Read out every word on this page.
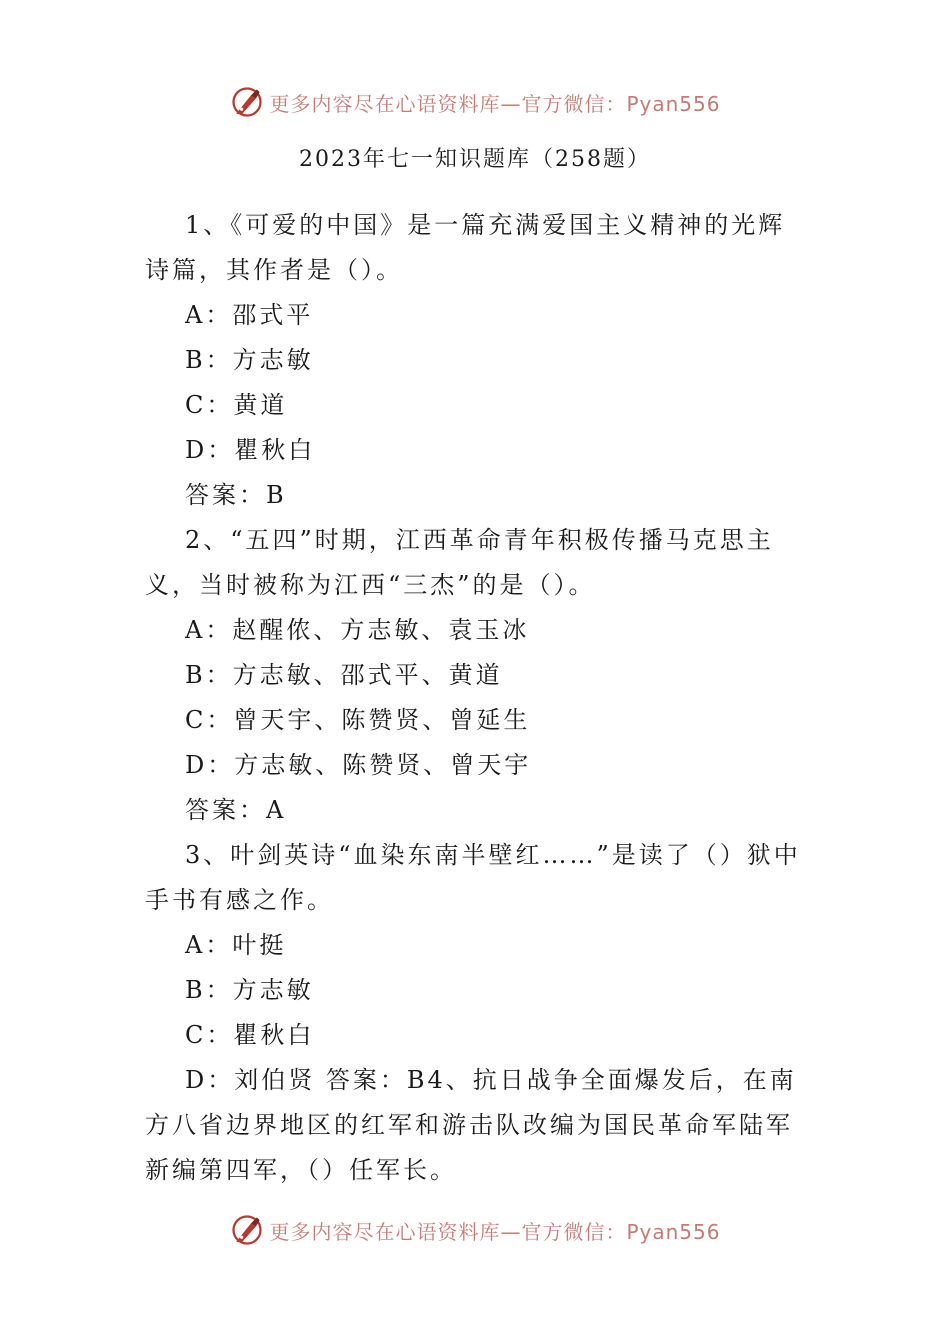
更多内容尽在心语资料库—官方微信：Pyan556
2023年七一知识题库（258题）

1、《可爱的中国》是一篇充满爱国主义精神的光辉诗篇，其作者是（）。

A：邵式平

B：方志敏

C：黄道

D：瞿秋白

答案：B

2、“五四”时期，江西革命青年积极传播马克思主义，当时被称为江西“三杰”的是（）。

A：赵醒侬、方志敏、袁玉冰

B：方志敏、邵式平、黄道

C：曾天宇、陈赞贤、曾延生

D：方志敏、陈赞贤、曾天宇

答案：A

3、叶剑英诗“血染东南半壁红……”是读了（）狱中手书有感之作。

A：叶挺

B：方志敏

C：瞿秋白

D：刘伯贤 答案：B4、抗日战争全面爆发后，在南方八省边界地区的红军和游击队改编为国民革命军陆军新编第四军，（）任军长。

更多内容尽在心语资料库—官方微信：Pyan556
